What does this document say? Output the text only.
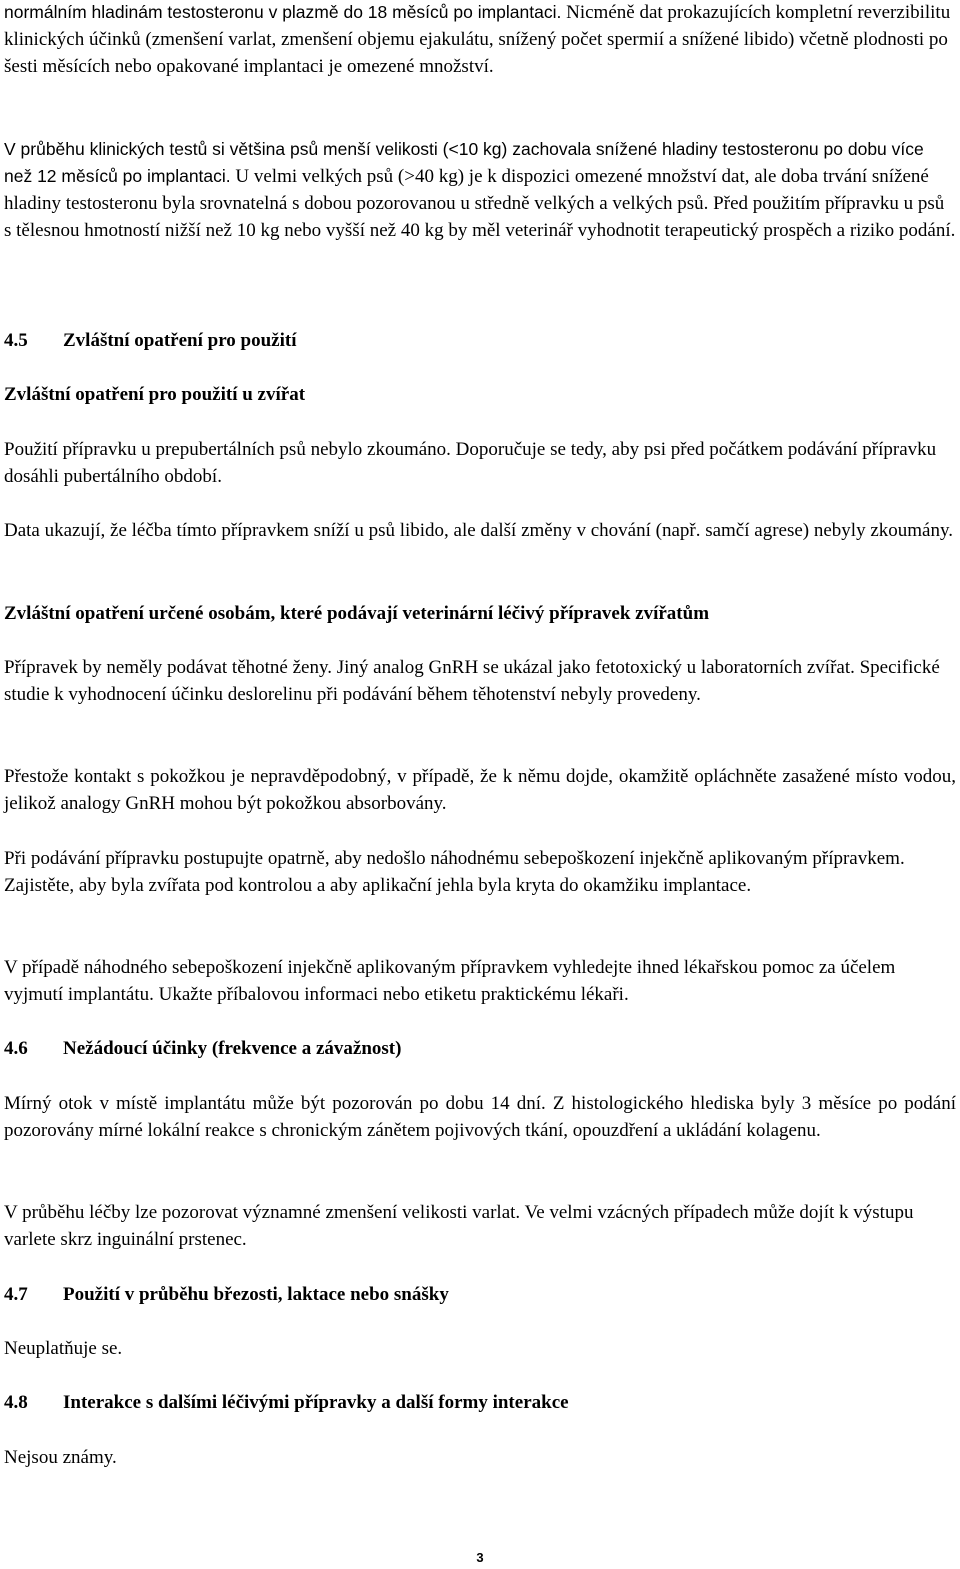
normálním hladinám testosteronu v plazmě do 18 měsíců po implantaci. Nicméně dat prokazujících kompletní reverzibilitu klinických účinků (zmenšení varlat, zmenšení objemu ejakulátu, snížený počet spermií a snížené libido) včetně plodnosti po šesti měsících nebo opakované implantaci je omezené množství.

V průběhu klinických testů si většina psů menší velikosti (<10 kg) zachovala snížené hladiny testosteronu po dobu více než 12 měsíců po implantaci. U velmi velkých psů (>40 kg) je k dispozici omezené množství dat, ale doba trvání snížené hladiny testosteronu byla srovnatelná s dobou pozorovanou u středně velkých a velkých psů. Před použitím přípravku u psů s tělesnou hmotností nižší než 10 kg nebo vyšší než 40 kg by měl veterinář vyhodnotit terapeutický prospěch a riziko podání.

4.5 Zvláštní opatření pro použití
Zvláštní opatření pro použití u zvířat

Použití přípravku u prepubertálních psů nebylo zkoumáno. Doporučuje se tedy, aby psi před počátkem podávání přípravku dosáhli pubertálního období.

Data ukazují, že léčba tímto přípravkem sníží u psů libido, ale další změny v chování (např. samčí agrese) nebyly zkoumány.

Zvláštní opatření určené osobám, které podávají veterinární léčivý přípravek zvířatům

Přípravek by neměly podávat těhotné ženy. Jiný analog GnRH se ukázal jako fetotoxický u laboratorních zvířat. Specifické studie k vyhodnocení účinku deslorelinu při podávání během těhotenství nebyly provedeny.

Přestože kontakt s pokožkou je nepravděpodobný, v případě, že k němu dojde, okamžitě opláchněte zasažené místo vodou, jelikož analogy GnRH mohou být pokožkou absorbovány.

Při podávání přípravku postupujte opatrně, aby nedošlo náhodnému sebepoškození injekčně aplikovaným přípravkem. Zajistěte, aby byla zvířata pod kontrolou a aby aplikační jehla byla kryta do okamžiku implantace.

V případě náhodného sebepoškození injekčně aplikovaným přípravkem vyhledejte ihned lékařskou pomoc za účelem vyjmutí implantátu. Ukažte příbalovou informaci nebo etiketu praktickému lékaři.

4.6 Nežádoucí účinky (frekvence a závažnost)

Mírný otok v místě implantátu může být pozorován po dobu 14 dní. Z histologického hlediska byly 3 měsíce po podání pozorovány mírné lokální reakce s chronickým zánětem pojivových tkání, opouzdření a ukládání kolagenu.

V průběhu léčby lze pozorovat významné zmenšení velikosti varlat. Ve velmi vzácných případech může dojít k výstupu varlete skrz inguinální prstenec.

4.7 Použití v průběhu březosti, laktace nebo snášky

Neuplatňuje se.

4.8 Interakce s dalšími léčivými přípravky a další formy interakce

Nejsou známy.

3
